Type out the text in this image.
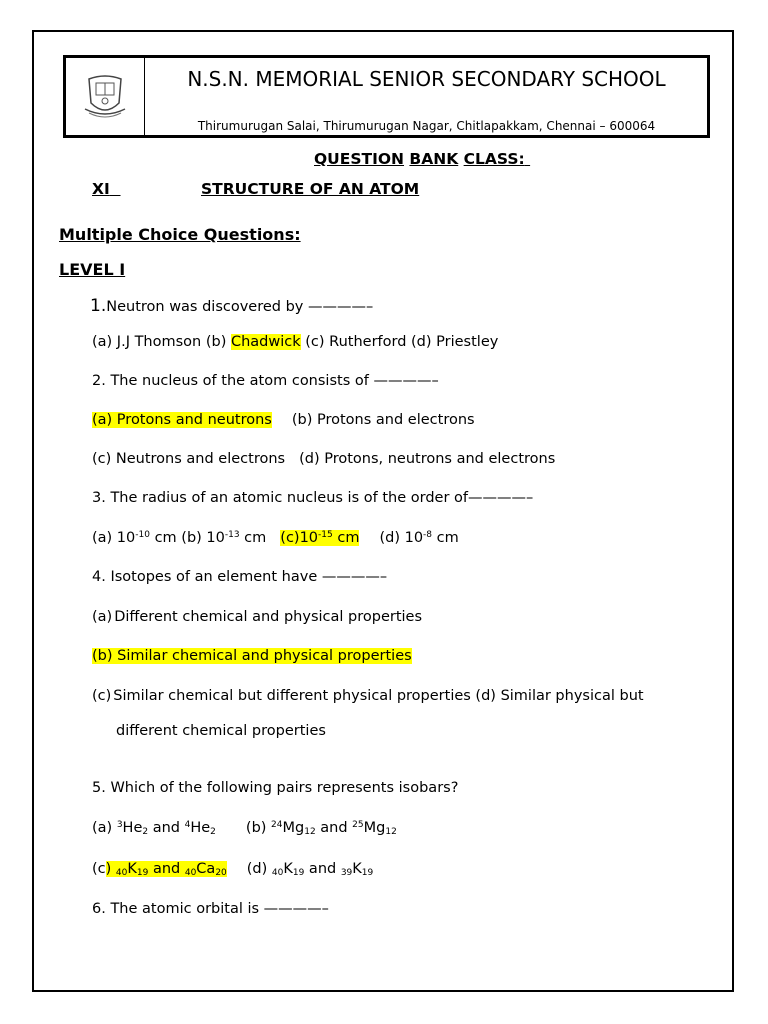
N.S.N. MEMORIAL SENIOR SECONDARY SCHOOL
Thirumurugan Salai, Thirumurugan Nagar, Chitlapakkam, Chennai – 600064
QUESTION BANK CLASS:
XI	STRUCTURE OF AN ATOM
Multiple Choice Questions:
LEVEL I
1.Neutron was discovered by ————–
(a) J.J Thomson (b) Chadwick (c) Rutherford (d) Priestley
2. The nucleus of the atom consists of ————–
(a) Protons and neutrons (b) Protons and electrons
(c) Neutrons and electrons (d) Protons, neutrons and electrons
3. The radius of an atomic nucleus is of the order of————–
(a) $10^{-10}$ cm (b) $10^{-13}$ cm $(c)10^{-15}$ cm (d) $10^{-8}$ cm
4. Isotopes of an element have ————–
(a) Different chemical and physical properties
(b) Similar chemical and physical properties
(c) Similar chemical but different physical properties (d) Similar physical but
different chemical properties
5. Which of the following pairs represents isobars?
(a) $^3He_2$ and $^4He_2$ (b) $^{24}Mg_{12}$ and $^{25}Mg_{12}$
(c) $_{40}K_{19}$ and $_{40}Ca_{20}$ (d) $_{40}K_{19}$ and $_{39}K_{19}$
6. The atomic orbital is ————–
